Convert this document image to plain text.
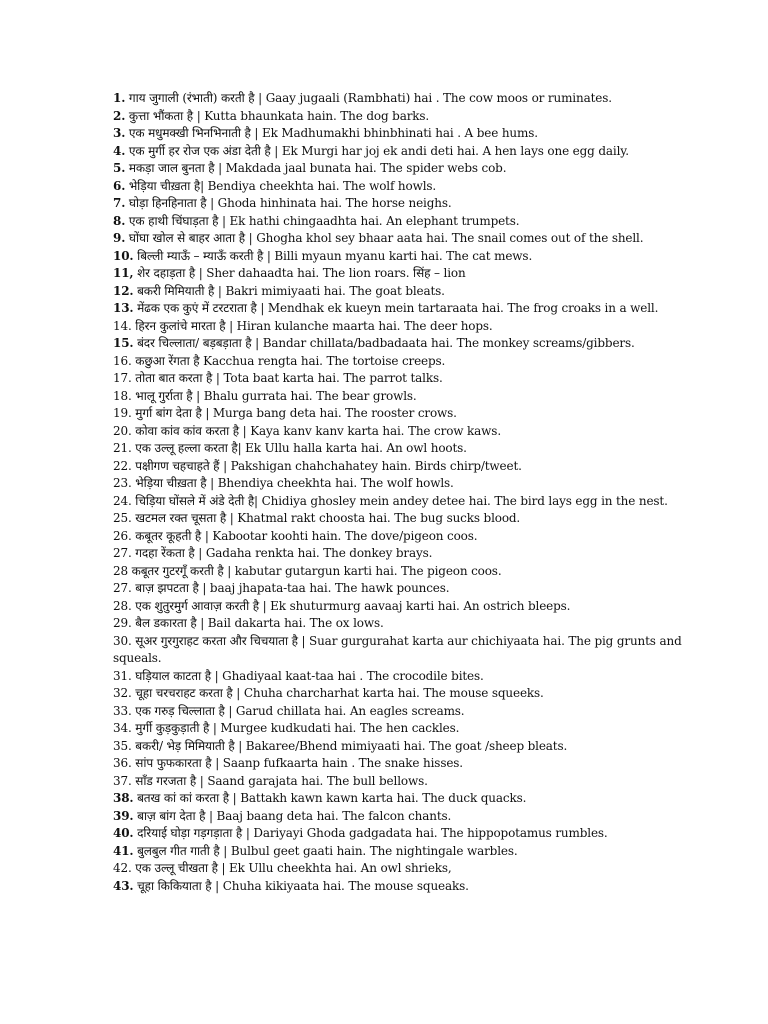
1. गाय जुगाली (रंभाती) करती है | Gaay jugaali (Rambhati) hai . The cow moos or ruminates.

2. कुत्ता भौंकता है | Kutta bhaunkata hain. The dog barks.

3. एक मधुमक्खी भिनभिनाती है | Ek Madhumakhi bhinbhinati hai . A bee hums.

4. एक मुर्गी हर रोज एक अंडा देती है | Ek Murgi har joj ek andi deti hai. A hen lays one egg daily.

5. मकड़ा जाल बुनता है | Makdada jaal bunata hai. The spider webs cob.

6. भेड़िया चीख़ता है| Bendiya cheekhta hai. The wolf howls.

7. घोड़ा हिनहिनाता है | Ghoda hinhinata hai. The horse neighs.

8. एक हाथी चिंघाड़ता है | Ek hathi chingaadhta hai. An elephant trumpets.

9. घोंघा खोल से बाहर आता है | Ghogha khol sey bhaar aata hai. The snail comes out of the shell.

10. बिल्ली म्याऊँ – म्याऊँ करती है | Billi myaun myanu karti hai. The cat mews.

11, शेर दहाड़ता है | Sher dahaadta hai. The lion roars. सिंह – lion

12. बकरी मिमियाती है | Bakri mimiyaati hai. The goat bleats.

13. मेंढक एक कुएं में टरटराता है | Mendhak ek kueyn mein tartaraata hai. The frog croaks in a well.

14. हिरन कुलांचे मारता है | Hiran kulanche maarta hai. The deer hops.

15. बंदर चिल्लाता/ बड़बड़ाता है | Bandar chillata/badbadaata hai. The monkey screams/gibbers.

16. कछुआ रेंगता है Kacchua rengta hai. The tortoise creeps.

17. तोता बात करता है | Tota baat karta hai. The parrot talks.

18. भालू गुर्राता है | Bhalu gurrata hai. The bear growls.

19. मुर्गा बांग देता है | Murga bang deta hai. The rooster crows.

20. कोवा कांव कांव करता है | Kaya kanv kanv karta hai. The crow kaws.

21. एक उल्लू हल्ला करता है| Ek Ullu halla karta hai. An owl hoots.

22. पक्षीगण चहचाहते हैं | Pakshigan chahchahatey hain. Birds chirp/tweet.

23. भेड़िया चीख़ता है | Bhendiya cheekhta hai. The wolf howls.

24. चिड़िया घोंसले में अंडे देती है| Chidiya ghosley mein andey detee hai. The bird lays egg in the nest.

25. खटमल रक्त चूसता है | Khatmal rakt choosta hai. The bug sucks blood.

26. कबूतर कूहती है | Kabootar koohti hain. The dove/pigeon coos.

27. गदहा रेंकता है | Gadaha renkta hai. The donkey brays.

28 कबूतर गुटरगूँ करती है | kabutar gutargun karti hai. The pigeon coos.

27. बाज़ झपटता है | baaj jhapata-taa hai. The hawk pounces.

28. एक शुतुरमुर्ग आवाज़ करती है | Ek shuturmurg aavaaj karti hai. An ostrich bleeps.

29. बैल डकारता है | Bail dakarta hai. The ox lows.

30. सूअर गुरगुराहट करता और चिचयाता है | Suar gurgurahat karta aur chichiyaata hai. The pig grunts and squeals.

31. घड़ियाल काटता है | Ghadiyaal kaat-taa hai . The crocodile bites.

32. चूहा चरचराहट करता है | Chuha charcharhat karta hai. The mouse squeeks.

33. एक गरुड़ चिल्लाता है | Garud chillata hai. An eagles screams.

34. मुर्गी कुड़कुड़ाती है | Murgee kudkudati hai. The hen cackles.

35. बकरी/ भेड़ मिमियाती है | Bakaree/Bhend mimiyaati hai. The goat /sheep bleats.

36. सांप फुफकारता है | Saanp fufkaarta hain . The snake hisses.

37. साँड गरजता है | Saand garajata hai. The bull bellows.

38. बतख कां कां करता है | Battakh kawn kawn karta hai. The duck quacks.

39. बाज़ बांग देता है | Baaj baang deta hai. The falcon chants.

40. दरियाई घोड़ा गड़गड़ाता है | Dariyayi Ghoda gadgadata hai. The hippopotamus rumbles.

41. बुलबुल गीत गाती है | Bulbul geet gaati hain. The nightingale warbles.

42. एक उल्लू चीखता है | Ek Ullu cheekhta hai. An owl shrieks,

43. चूहा किकियाता है | Chuha kikiyaata hai. The mouse squeaks.
